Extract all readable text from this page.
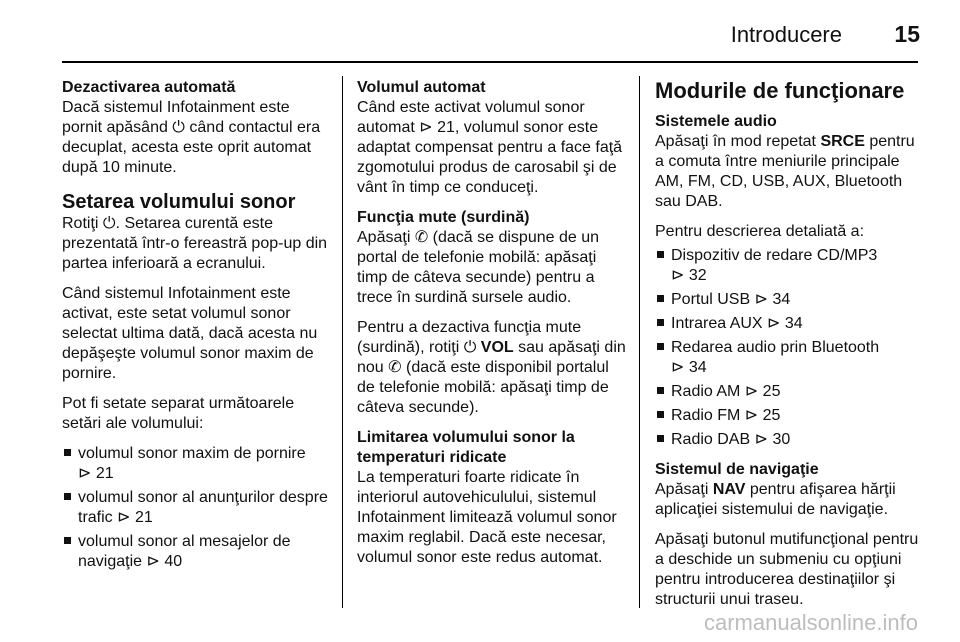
Introducere 15
Dezactivarea automată

Dacă sistemul Infotainment este
pornit apăsând ⏻ când contactul era
decuplat, acesta este oprit automat
după 10 minute.

Setarea volumului sonor

Rotiţi ⏻. Setarea curentă este
prezentată într-o fereastră pop-up din
partea inferioară a ecranului.

Când sistemul Infotainment este
activat, este setat volumul sonor
selectat ultima dată, dacă acesta nu
depăşeşte volumul sonor maxim de
pornire.

Pot fi setate separat următoarele
setări ale volumului:

volumul sonor maxim de pornire
⊳ 21
volumul sonor al anunţurilor despre
trafic ⊳ 21
volumul sonor al mesajelor de
navigaţie ⊳ 40
Volumul automat

Când este activat volumul sonor
automat ⊳ 21, volumul sonor este
adaptat compensat pentru a face faţă
zgomotului produs de carosabil şi de
vânt în timp ce conduceţi.

Funcţia mute (surdină)

Apăsaţi ✆ (dacă se dispune de un
portal de telefonie mobilă: apăsaţi
timp de câteva secunde) pentru a
trece în surdină sursele audio.

Pentru a dezactiva funcţia mute
(surdină), rotiţi ⏻ VOL sau apăsaţi din
nou ✆ (dacă este disponibil portalul
de telefonie mobilă: apăsaţi timp de
câteva secunde).

Limitarea volumului sonor la
temperaturi ridicate

La temperaturi foarte ridicate în
interiorul autovehiculului, sistemul
Infotainment limitează volumul sonor
maxim reglabil. Dacă este necesar,
volumul sonor este redus automat.

Modurile de funcţionare
Sistemele audio

Apăsaţi în mod repetat SRCE pentru
a comuta între meniurile principale
AM, FM, CD, USB, AUX, Bluetooth
sau DAB.

Pentru descrierea detaliată a:

Dispozitiv de redare CD/MP3
⊳ 32
Portul USB ⊳ 34
Intrarea AUX ⊳ 34
Redarea audio prin Bluetooth
⊳ 34
Radio AM ⊳ 25
Radio FM ⊳ 25
Radio DAB ⊳ 30
Sistemul de navigaţie

Apăsaţi NAV pentru afişarea hărţii
aplicaţiei sistemului de navigaţie.

Apăsaţi butonul mutifuncţional pentru
a deschide un submeniu cu opţiuni
pentru introducerea destinaţiilor şi
structurii unui traseu.

carmanualsonline.info
